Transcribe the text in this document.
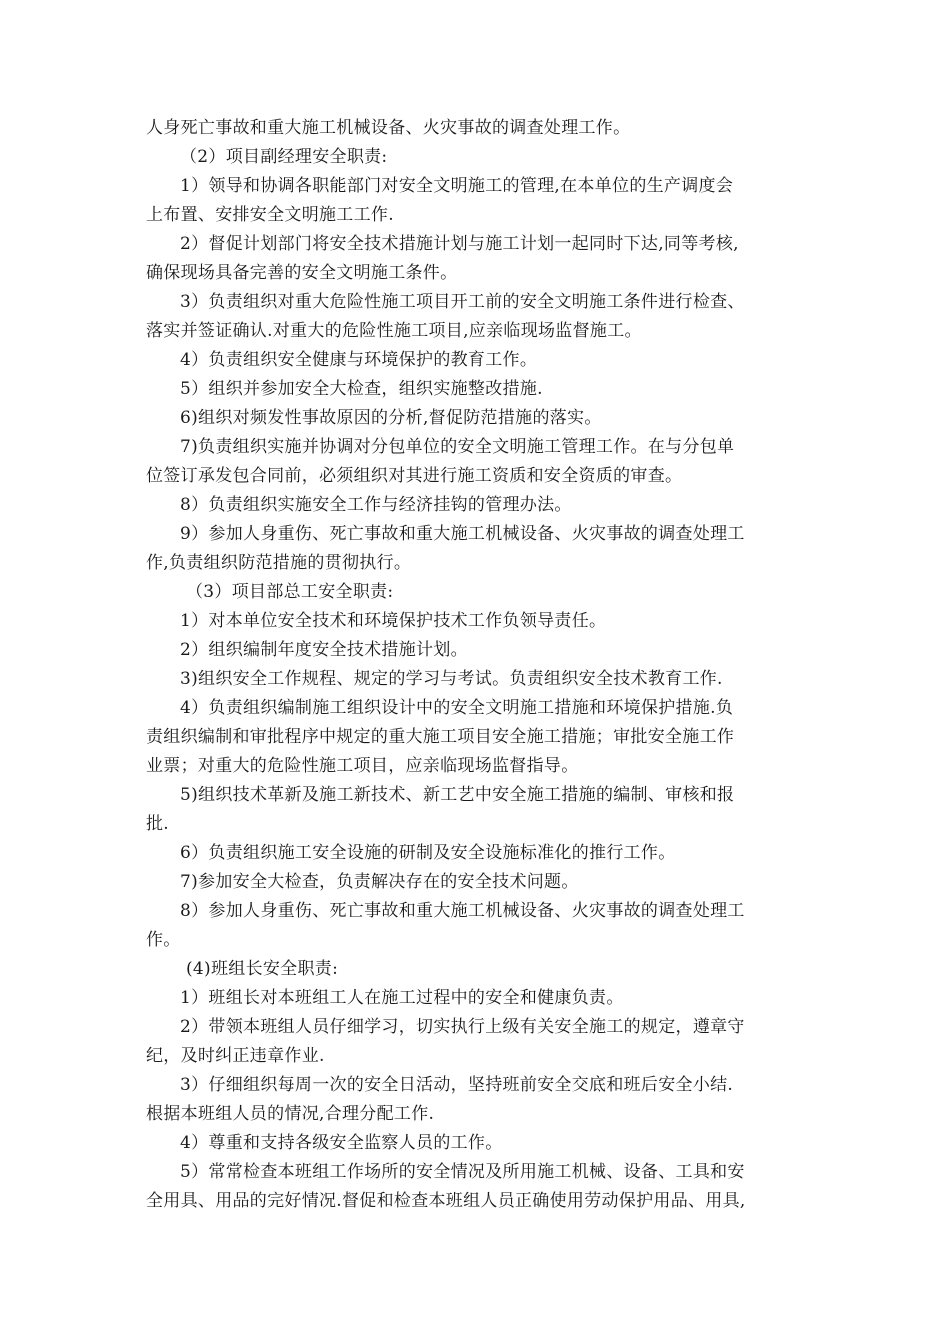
人身死亡事故和重大施工机械设备、火灾事故的调查处理工作。
（2）项目副经理安全职责:
1）领导和协调各职能部门对安全文明施工的管理,在本单位的生产调度会
上布置、安排安全文明施工工作.
2）督促计划部门将安全技术措施计划与施工计划一起同时下达,同等考核,
确保现场具备完善的安全文明施工条件。
3）负责组织对重大危险性施工项目开工前的安全文明施工条件进行检查、
落实并签证确认.对重大的危险性施工项目,应亲临现场监督施工。
4）负责组织安全健康与环境保护的教育工作。
5）组织并参加安全大检查，组织实施整改措施.
6)组织对频发性事故原因的分析,督促防范措施的落实。
7)负责组织实施并协调对分包单位的安全文明施工管理工作。在与分包单
位签订承发包合同前，必须组织对其进行施工资质和安全资质的审查。
8）负责组织实施安全工作与经济挂钩的管理办法。
9）参加人身重伤、死亡事故和重大施工机械设备、火灾事故的调查处理工
作,负责组织防范措施的贯彻执行。
（3）项目部总工安全职责:
1）对本单位安全技术和环境保护技术工作负领导责任。
2）组织编制年度安全技术措施计划。
3)组织安全工作规程、规定的学习与考试。负责组织安全技术教育工作.
4）负责组织编制施工组织设计中的安全文明施工措施和环境保护措施.负
责组织编制和审批程序中规定的重大施工项目安全施工措施；审批安全施工作
业票；对重大的危险性施工项目，应亲临现场监督指导。
5)组织技术革新及施工新技术、新工艺中安全施工措施的编制、审核和报
批.
6）负责组织施工安全设施的研制及安全设施标准化的推行工作。
7)参加安全大检查，负责解决存在的安全技术问题。
8）参加人身重伤、死亡事故和重大施工机械设备、火灾事故的调查处理工
作。
(4)班组长安全职责:
1）班组长对本班组工人在施工过程中的安全和健康负责。
2）带领本班组人员仔细学习，切实执行上级有关安全施工的规定，遵章守
纪，及时纠正违章作业.
3）仔细组织每周一次的安全日活动，坚持班前安全交底和班后安全小结.
根据本班组人员的情况,合理分配工作.
4）尊重和支持各级安全监察人员的工作。
5）常常检查本班组工作场所的安全情况及所用施工机械、设备、工具和安
全用具、用品的完好情况.督促和检查本班组人员正确使用劳动保护用品、用具,
